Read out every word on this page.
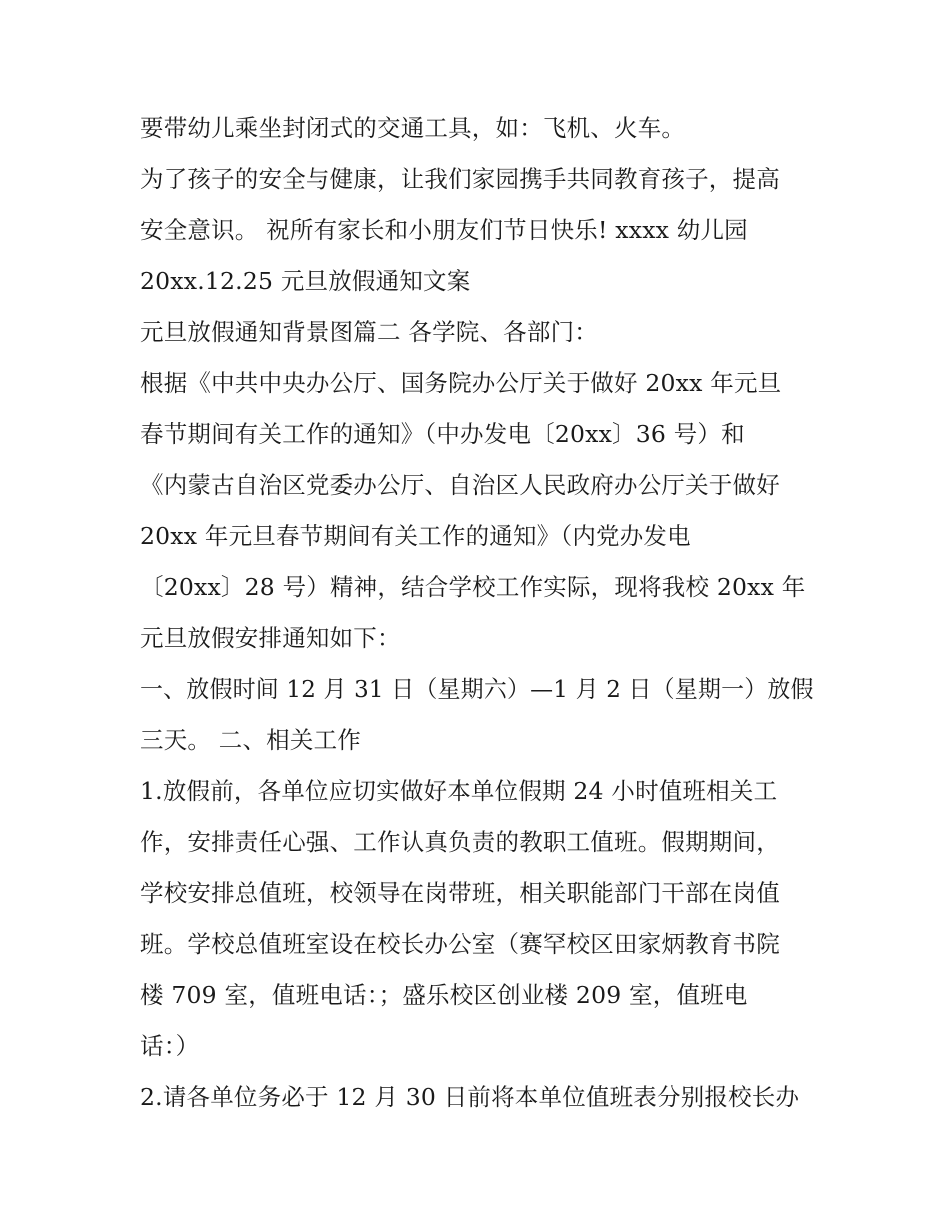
要带幼儿乘坐封闭式的交通工具，如：飞机、火车。
为了孩子的安全与健康，让我们家园携手共同教育孩子，提高
安全意识。 祝所有家长和小朋友们节日快乐! xxxx 幼儿园
20xx.12.25 元旦放假通知文案
元旦放假通知背景图篇二 各学院、各部门：
根据《中共中央办公厅、国务院办公厅关于做好 20xx 年元旦
春节期间有关工作的通知》（中办发电〔20xx〕36 号）和
《内蒙古自治区党委办公厅、自治区人民政府办公厅关于做好
20xx 年元旦春节期间有关工作的通知》（内党办发电
〔20xx〕28 号）精神，结合学校工作实际，现将我校 20xx 年
元旦放假安排通知如下：
一、放假时间 12 月 31 日（星期六）—1 月 2 日（星期一）放假
三天。 二、相关工作
1.放假前，各单位应切实做好本单位假期 24 小时值班相关工
作，安排责任心强、工作认真负责的教职工值班。假期期间，
学校安排总值班，校领导在岗带班，相关职能部门干部在岗值
班。学校总值班室设在校长办公室（赛罕校区田家炳教育书院
楼 709 室，值班电话：；盛乐校区创业楼 209 室，值班电
话：）
2.请各单位务必于 12 月 30 日前将本单位值班表分别报校长办
